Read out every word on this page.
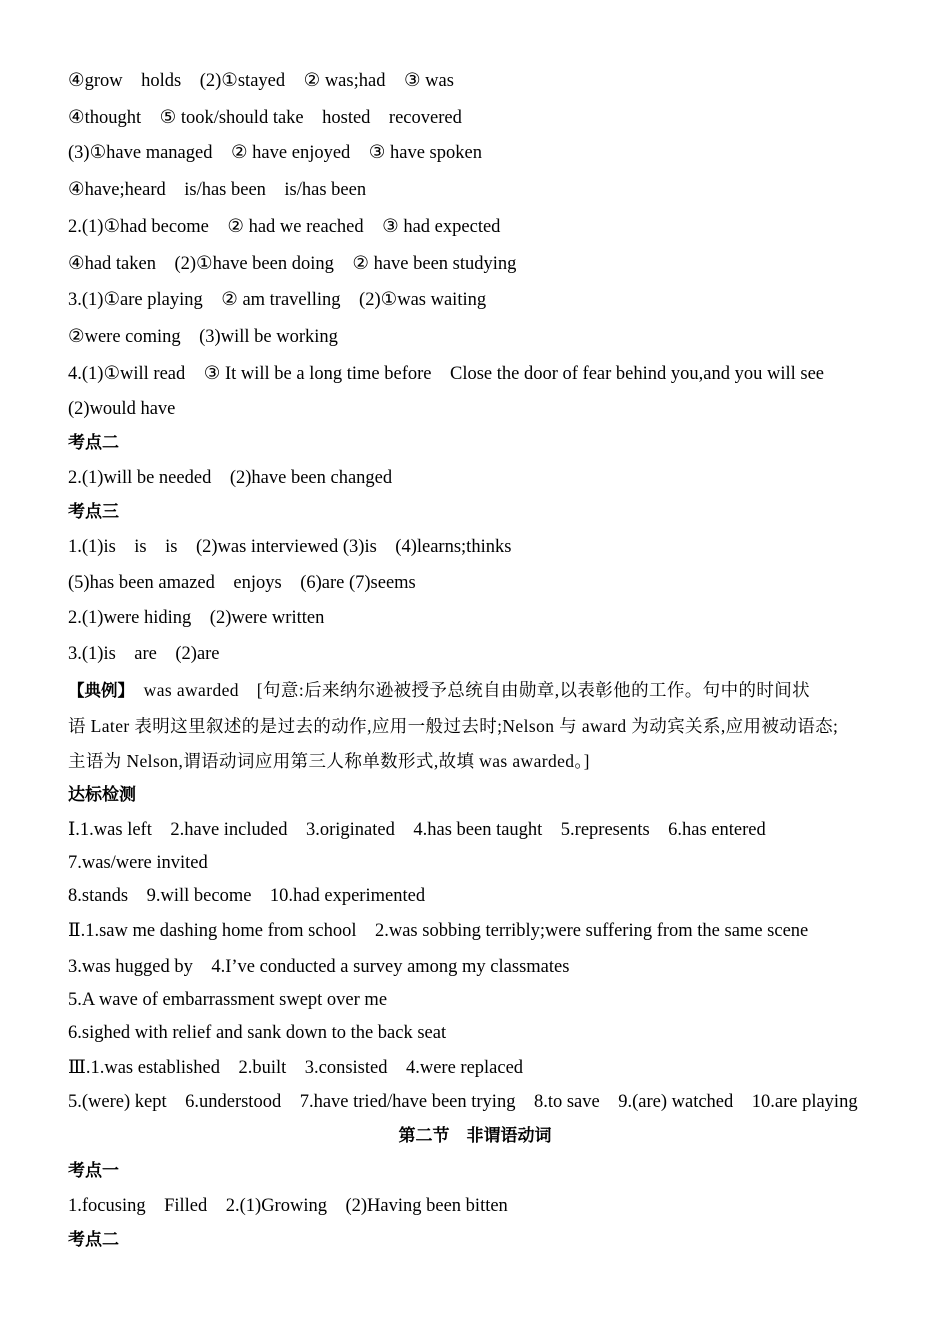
④grow　holds　(2)①stayed　② was;had　③ was
④thought　⑤ took/should take　hosted　recovered
(3)①have managed　② have enjoyed　③ have spoken
④have;heard　is/has been　is/has been
2.(1)①had become　② had we reached　③ had expected
④had taken　(2)①have been doing　② have been studying
3.(1)①are playing　② am travelling　(2)①was waiting
②were coming　(3)will be working
4.(1)①will read　③ It will be a long time before　Close the door of fear behind you,and you will see
(2)would have
考点二
2.(1)will be needed　(2)have been changed
考点三
1.(1)is　is　is　(2)was interviewed (3)is　(4)learns;thinks
(5)has been amazed　enjoys　(6)are (7)seems
2.(1)were hiding　(2)were written
3.(1)is　are　(2)are
【典例】　was awarded　[句意:后来纳尔逊被授予总统自由勋章,以表彰他的工作。句中的时间状
语 Later 表明这里叙述的是过去的动作,应用一般过去时;Nelson 与 award 为动宾关系,应用被动语态;
主语为 Nelson,谓语动词应用第三人称单数形式,故填 was awarded。]
达标检测
Ⅰ.1.was left　2.have included　3.originated　4.has been taught　5.represents　6.has entered
7.was/were invited
8.stands　9.will become　10.had experimented
Ⅱ.1.saw me dashing home from school　2.was sobbing terribly;were suffering from the same scene
3.was hugged by　4.I’ve conducted a survey among my classmates
5.A wave of embarrassment swept over me
6.sighed with relief and sank down to the back seat
Ⅲ.1.was established　2.built　3.consisted　4.were replaced
5.(were) kept　6.understood　7.have tried/have been trying　8.to save　9.(are) watched　10.are playing
第二节　非谓语动词
考点一
1.focusing　Filled　2.(1)Growing　(2)Having been bitten
考点二
